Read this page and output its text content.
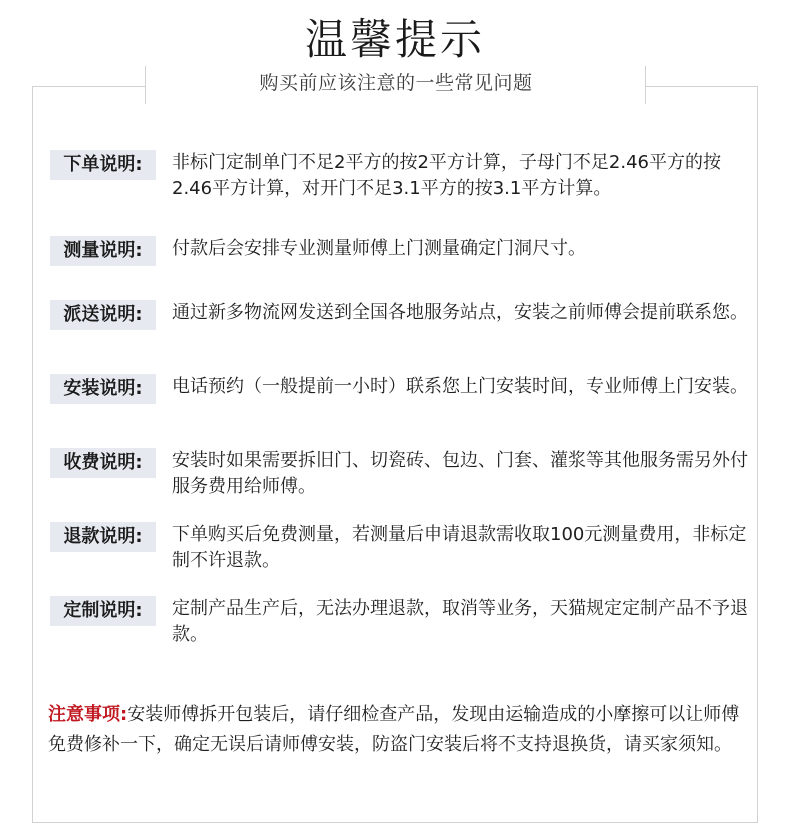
温馨提示
购买前应该注意的一些常见问题
下单说明:	非标门定制单门不足2平方的按2平方计算，子母门不足2.46平方的按2.46平方计算，对开门不足3.1平方的按3.1平方计算。
测量说明:	付款后会安排专业测量师傅上门测量确定门洞尺寸。
派送说明:	通过新多物流网发送到全国各地服务站点，安装之前师傅会提前联系您。
安装说明:	电话预约（一般提前一小时）联系您上门安装时间，专业师傅上门安装。
收费说明:	安装时如果需要拆旧门、切瓷砖、包边、门套、灌浆等其他服务需另外付服务费用给师傅。
退款说明:	下单购买后免费测量，若测量后申请退款需收取100元测量费用，非标定制不许退款。
定制说明:	定制产品生产后，无法办理退款，取消等业务，天猫规定定制产品不予退款。
注意事项:安装师傅拆开包装后，请仔细检查产品，发现由运输造成的小摩擦可以让师傅免费修补一下，确定无误后请师傅安装，防盗门安装后将不支持退换货，请买家须知。
